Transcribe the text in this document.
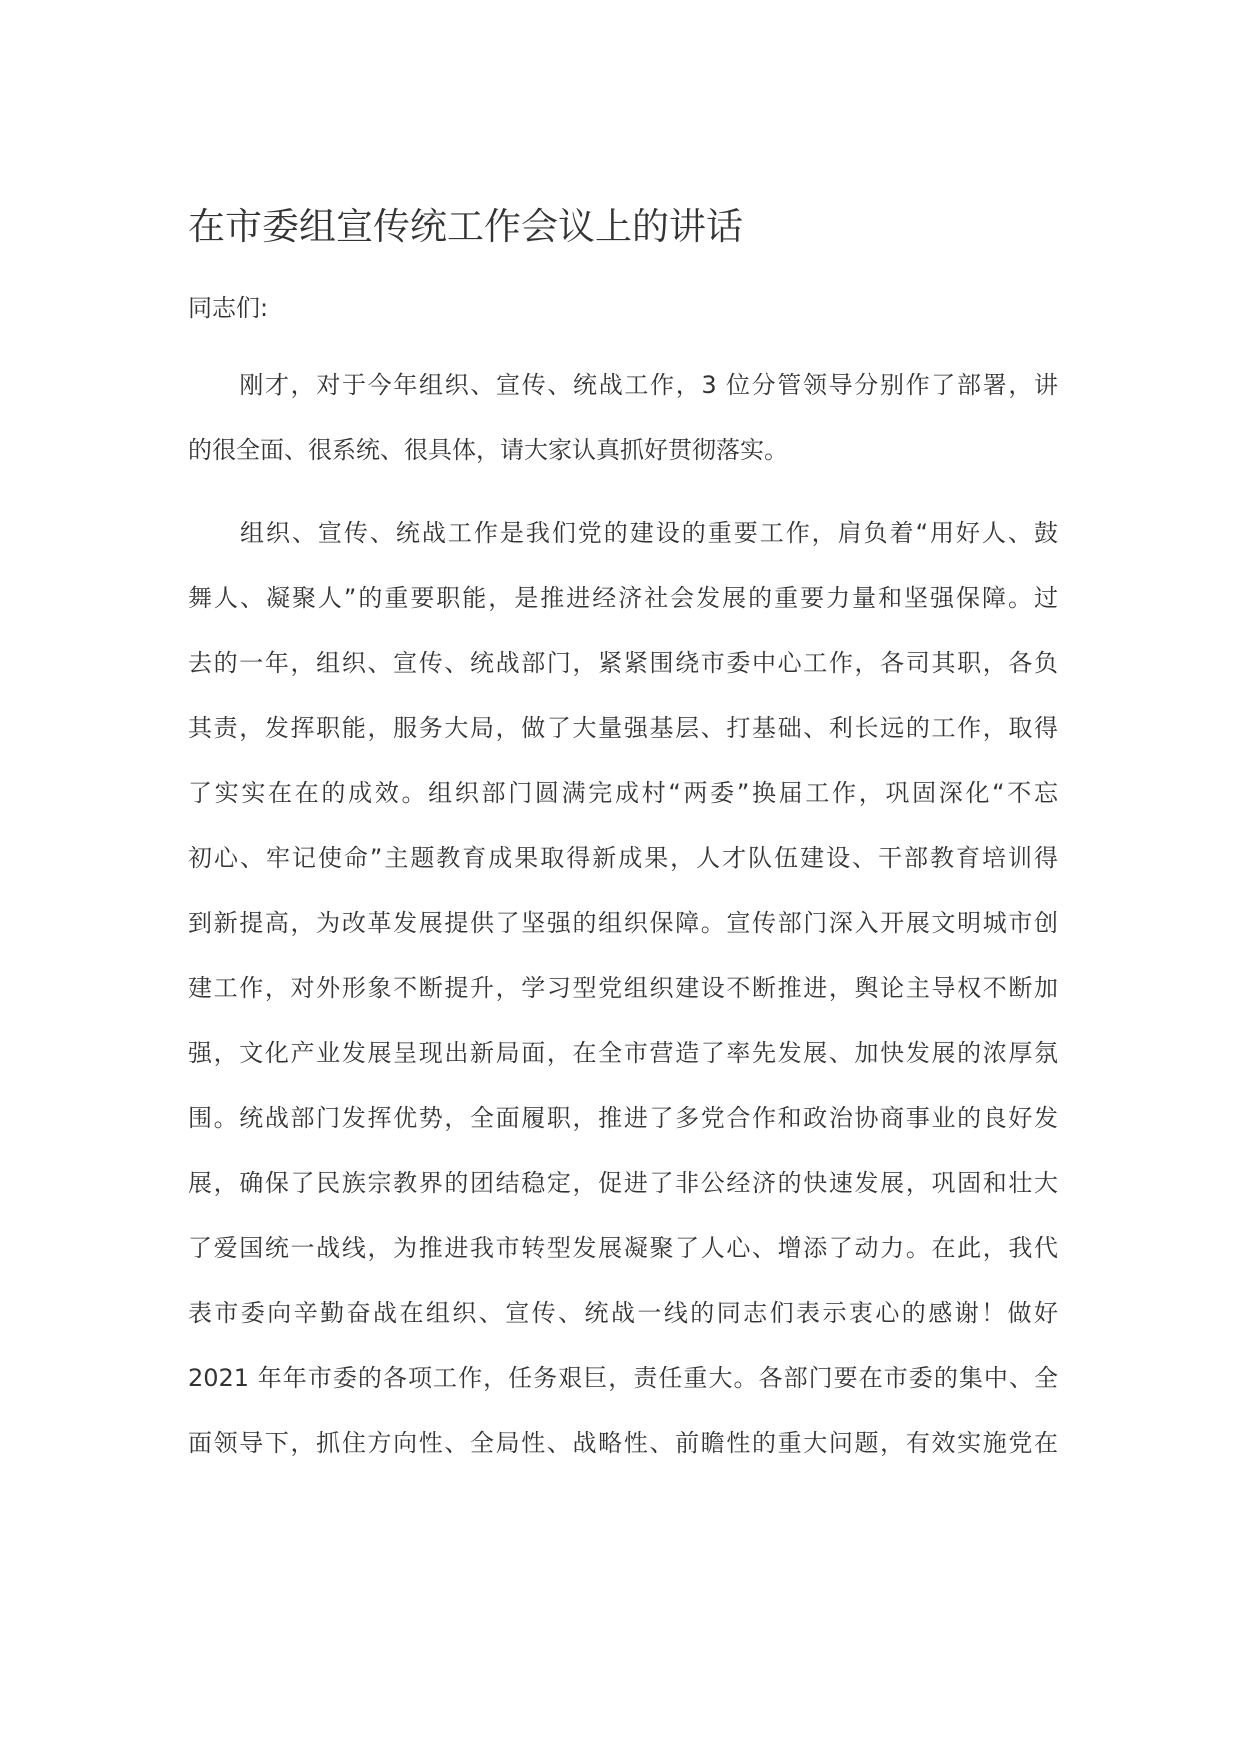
在市委组宣传统工作会议上的讲话

同志们:

　　刚才，对于今年组织、宣传、统战工作，3 位分管领导分别作了部署，讲
的很全面、很系统、很具体，请大家认真抓好贯彻落实。
　　组织、宣传、统战工作是我们党的建设的重要工作，肩负着“用好人、鼓
舞人、凝聚人”的重要职能，是推进经济社会发展的重要力量和坚强保障。过
去的一年，组织、宣传、统战部门，紧紧围绕市委中心工作，各司其职，各负
其责，发挥职能，服务大局，做了大量强基层、打基础、利长远的工作，取得
了实实在在的成效。组织部门圆满完成村“两委”换届工作，巩固深化“不忘
初心、牢记使命”主题教育成果取得新成果，人才队伍建设、干部教育培训得
到新提高，为改革发展提供了坚强的组织保障。宣传部门深入开展文明城市创
建工作，对外形象不断提升，学习型党组织建设不断推进，舆论主导权不断加
强，文化产业发展呈现出新局面，在全市营造了率先发展、加快发展的浓厚氛
围。统战部门发挥优势，全面履职，推进了多党合作和政治协商事业的良好发
展，确保了民族宗教界的团结稳定，促进了非公经济的快速发展，巩固和壮大
了爱国统一战线，为推进我市转型发展凝聚了人心、增添了动力。在此，我代
表市委向辛勤奋战在组织、宣传、统战一线的同志们表示衷心的感谢！做好
2021 年年市委的各项工作，任务艰巨，责任重大。各部门要在市委的集中、全
面领导下，抓住方向性、全局性、战略性、前瞻性的重大问题，有效实施党在
